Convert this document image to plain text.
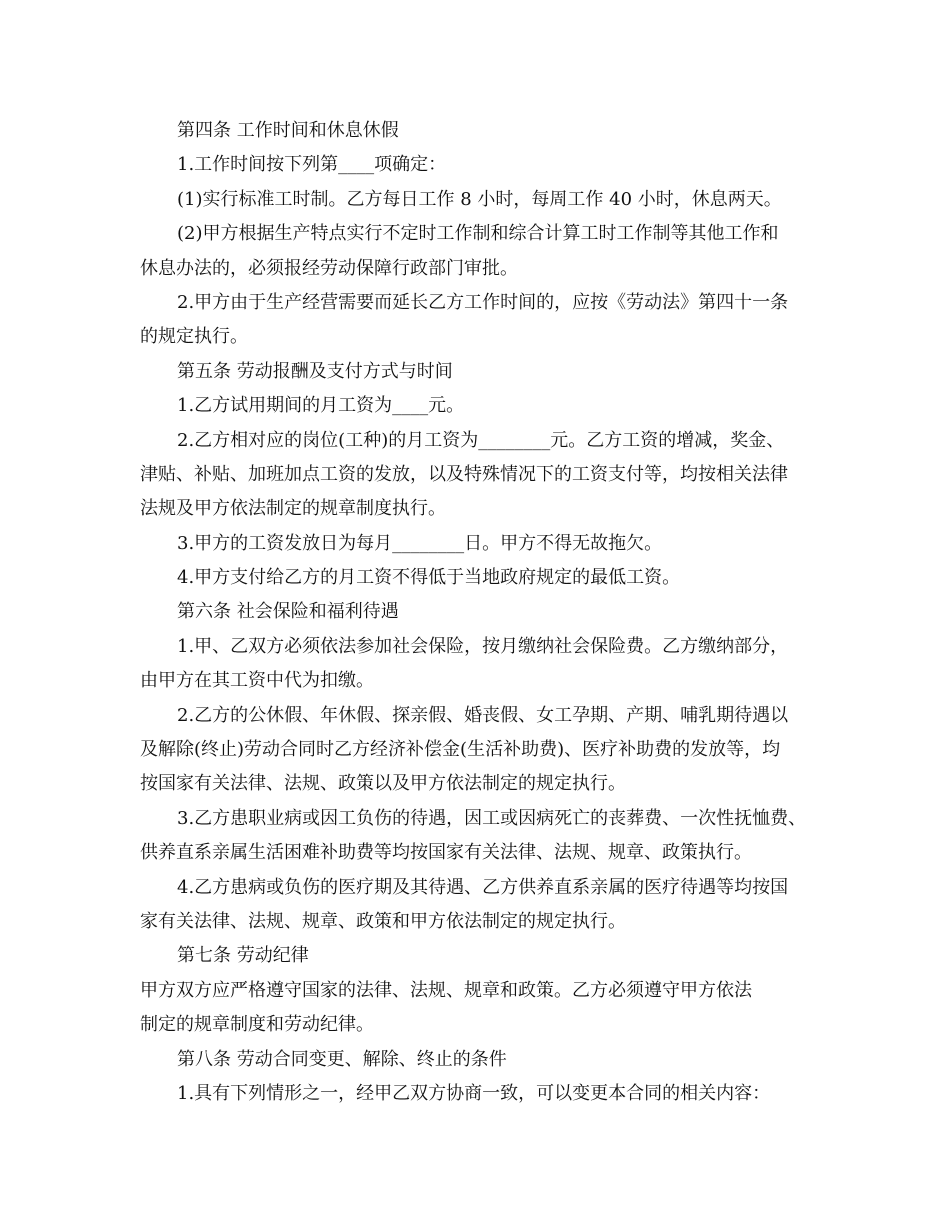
第四条 工作时间和休息休假
1.工作时间按下列第____项确定：
(1)实行标准工时制。乙方每日工作 8 小时，每周工作 40 小时，休息两天。
(2)甲方根据生产特点实行不定时工作制和综合计算工时工作制等其他工作和
休息办法的，必须报经劳动保障行政部门审批。
2.甲方由于生产经营需要而延长乙方工作时间的，应按《劳动法》第四十一条
的规定执行。
第五条 劳动报酬及支付方式与时间
1.乙方试用期间的月工资为____元。
2.乙方相对应的岗位(工种)的月工资为________元。乙方工资的增减，奖金、
津贴、补贴、加班加点工资的发放，以及特殊情况下的工资支付等，均按相关法律
法规及甲方依法制定的规章制度执行。
3.甲方的工资发放日为每月________日。甲方不得无故拖欠。
4.甲方支付给乙方的月工资不得低于当地政府规定的最低工资。
第六条 社会保险和福利待遇
1.甲、乙双方必须依法参加社会保险，按月缴纳社会保险费。乙方缴纳部分，
由甲方在其工资中代为扣缴。
2.乙方的公休假、年休假、探亲假、婚丧假、女工孕期、产期、哺乳期待遇以
及解除(终止)劳动合同时乙方经济补偿金(生活补助费)、医疗补助费的发放等，均
按国家有关法律、法规、政策以及甲方依法制定的规定执行。
3.乙方患职业病或因工负伤的待遇，因工或因病死亡的丧葬费、一次性抚恤费、
供养直系亲属生活困难补助费等均按国家有关法律、法规、规章、政策执行。
4.乙方患病或负伤的医疗期及其待遇、乙方供养直系亲属的医疗待遇等均按国
家有关法律、法规、规章、政策和甲方依法制定的规定执行。
第七条 劳动纪律
甲方双方应严格遵守国家的法律、法规、规章和政策。乙方必须遵守甲方依法
制定的规章制度和劳动纪律。
第八条 劳动合同变更、解除、终止的条件
1.具有下列情形之一，经甲乙双方协商一致，可以变更本合同的相关内容：
